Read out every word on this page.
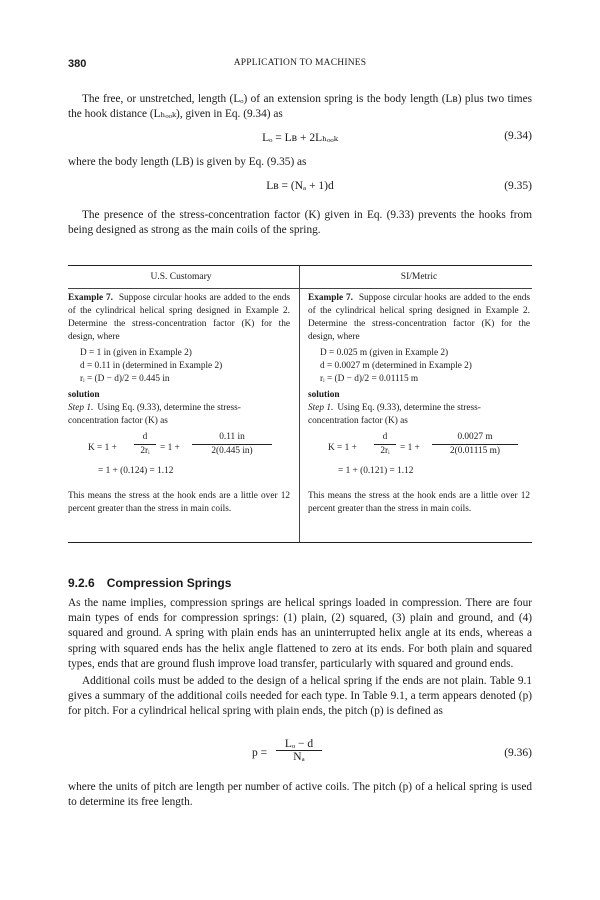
380	APPLICATION TO MACHINES
The free, or unstretched, length (Lₒ) of an extension spring is the body length (Lʙ) plus two times the hook distance (Lₕₒₒₖ), given in Eq. (9.34) as
Lₒ = Lʙ + 2Lₕₒₒₖ	(9.34)
where the body length (LB) is given by Eq. (9.35) as
Lʙ = (Nₐ + 1)d	(9.35)
The presence of the stress-concentration factor (K) given in Eq. (9.33) prevents the hooks from being designed as strong as the main coils of the spring.
U.S. Customary	SI/Metric
Example 7. Suppose circular hooks are added to the ends of the cylindrical helical spring designed in Example 2. Determine the stress-concentration factor (K) for the design, where
D = 1 in (given in Example 2)
d = 0.11 in (determined in Example 2)
rᵢ = (D − d)/2 = 0.445 in
solution
Step 1. Using Eq. (9.33), determine the stress-concentration factor (K) as
$K = 1 + \frac{d}{\text{2rᵢ}} = 1 + \frac{0.11 in}{2(0.445 in)}$
= 1 + (0.124) = 1.12
This means the stress at the hook ends are a little over 12 percent greater than the stress in main coils.
Example 7. Suppose circular hooks are added to the ends of the cylindrical helical spring designed in Example 2. Determine the stress-concentration factor (K) for the design, where
D = 0.025 m (given in Example 2)
d = 0.0027 m (determined in Example 2)
rᵢ = (D − d)/2 = 0.01115 m
solution
Step 1. Using Eq. (9.33), determine the stress-concentration factor (K) as
$K = 1 + \frac{d}{\text{2rᵢ}} = 1 + \frac{0.0027 m}{2(0.01115 m)}$
= 1 + (0.121) = 1.12
This means the stress at the hook ends are a little over 12 percent greater than the stress in main coils.
9.2.6 Compression Springs
As the name implies, compression springs are helical springs loaded in compression. There are four main types of ends for compression springs: (1) plain, (2) squared, (3) plain and ground, and (4) squared and ground. A spring with plain ends has an uninterrupted helix angle at its ends, whereas a spring with squared ends has the helix angle flattened to zero at its ends. For both plain and squared types, ends that are ground flush improve load transfer, particularly with squared and ground ends.
Additional coils must be added to the design of a helical spring if the ends are not plain. Table 9.1 gives a summary of the additional coils needed for each type. In Table 9.1, a term appears denoted (p) for pitch. For a cylindrical helical spring with plain ends, the pitch (p) is defined as
$p = \frac{\text{Lₒ − d}}{\text{Nₐ}}$	(9.36)
where the units of pitch are length per number of active coils. The pitch (p) of a helical spring is used to determine its free length.
